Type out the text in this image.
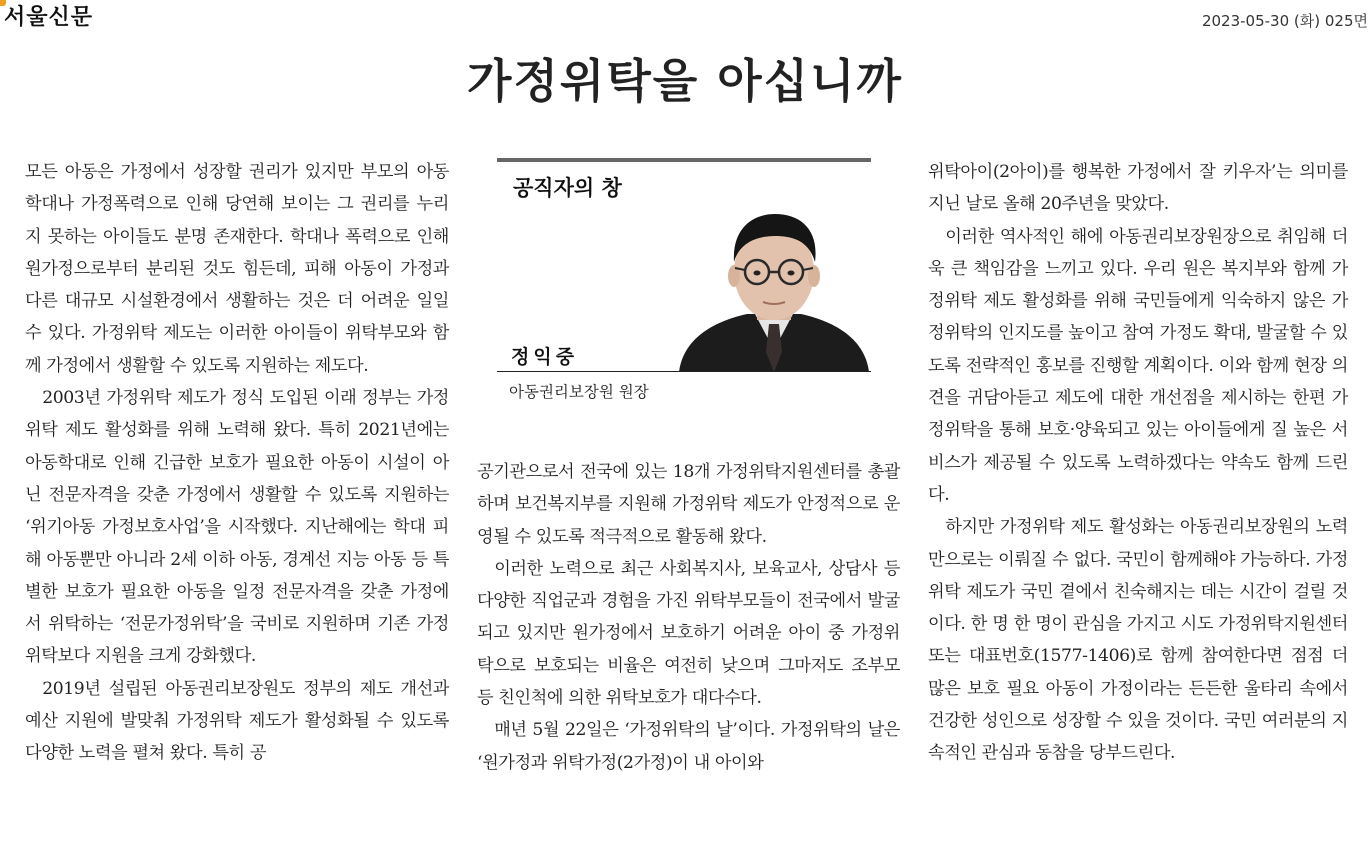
서울신문	2023-05-30 (화) 025면
가정위탁을 아십니까

모든 아동은 가정에서 성장할 권리가 있지만 부모의 아동학대나 가정폭력으로 인해 당연해 보이는 그 권리를 누리지 못하는 아이들도 분명 존재한다. 학대나 폭력으로 인해 원가정으로부터 분리된 것도 힘든데, 피해 아동이 가정과 다른 대규모 시설환경에서 생활하는 것은 더 어려운 일일 수 있다. 가정위탁 제도는 이러한 아이들이 위탁부모와 함께 가정에서 생활할 수 있도록 지원하는 제도다.

2003년 가정위탁 제도가 정식 도입된 이래 정부는 가정위탁 제도 활성화를 위해 노력해 왔다. 특히 2021년에는 아동학대로 인해 긴급한 보호가 필요한 아동이 시설이 아닌 전문자격을 갖춘 가정에서 생활할 수 있도록 지원하는 ‘위기아동 가정보호사업’을 시작했다. 지난해에는 학대 피해 아동뿐만 아니라 2세 이하 아동, 경계선 지능 아동 등 특별한 보호가 필요한 아동을 일정 전문자격을 갖춘 가정에서 위탁하는 ‘전문가정위탁’을 국비로 지원하며 기존 가정위탁보다 지원을 크게 강화했다.

2019년 설립된 아동권리보장원도 정부의 제도 개선과 예산 지원에 발맞춰 가정위탁 제도가 활성화될 수 있도록 다양한 노력을 펼쳐 왔다. 특히 공

공직자의 창
정익중
아동권리보장원 원장

공기관으로서 전국에 있는 18개 가정위탁지원센터를 총괄하며 보건복지부를 지원해 가정위탁 제도가 안정적으로 운영될 수 있도록 적극적으로 활동해 왔다.

이러한 노력으로 최근 사회복지사, 보육교사, 상담사 등 다양한 직업군과 경험을 가진 위탁부모들이 전국에서 발굴되고 있지만 원가정에서 보호하기 어려운 아이 중 가정위탁으로 보호되는 비율은 여전히 낮으며 그마저도 조부모 등 친인척에 의한 위탁보호가 대다수다.

매년 5월 22일은 ‘가정위탁의 날’이다. 가정위탁의 날은 ‘원가정과 위탁가정(2가정)이 내 아이와

위탁아이(2아이)를 행복한 가정에서 잘 키우자’는 의미를 지닌 날로 올해 20주년을 맞았다.

이러한 역사적인 해에 아동권리보장원장으로 취임해 더욱 큰 책임감을 느끼고 있다. 우리 원은 복지부와 함께 가정위탁 제도 활성화를 위해 국민들에게 익숙하지 않은 가정위탁의 인지도를 높이고 참여 가정도 확대, 발굴할 수 있도록 전략적인 홍보를 진행할 계획이다. 이와 함께 현장 의견을 귀담아듣고 제도에 대한 개선점을 제시하는 한편 가정위탁을 통해 보호·양육되고 있는 아이들에게 질 높은 서비스가 제공될 수 있도록 노력하겠다는 약속도 함께 드린다.

하지만 가정위탁 제도 활성화는 아동권리보장원의 노력만으로는 이뤄질 수 없다. 국민이 함께해야 가능하다. 가정위탁 제도가 국민 곁에서 친숙해지는 데는 시간이 걸릴 것이다. 한 명 한 명이 관심을 가지고 시도 가정위탁지원센터 또는 대표번호(1577-1406)로 함께 참여한다면 점점 더 많은 보호 필요 아동이 가정이라는 든든한 울타리 속에서 건강한 성인으로 성장할 수 있을 것이다. 국민 여러분의 지속적인 관심과 동참을 당부드린다.
